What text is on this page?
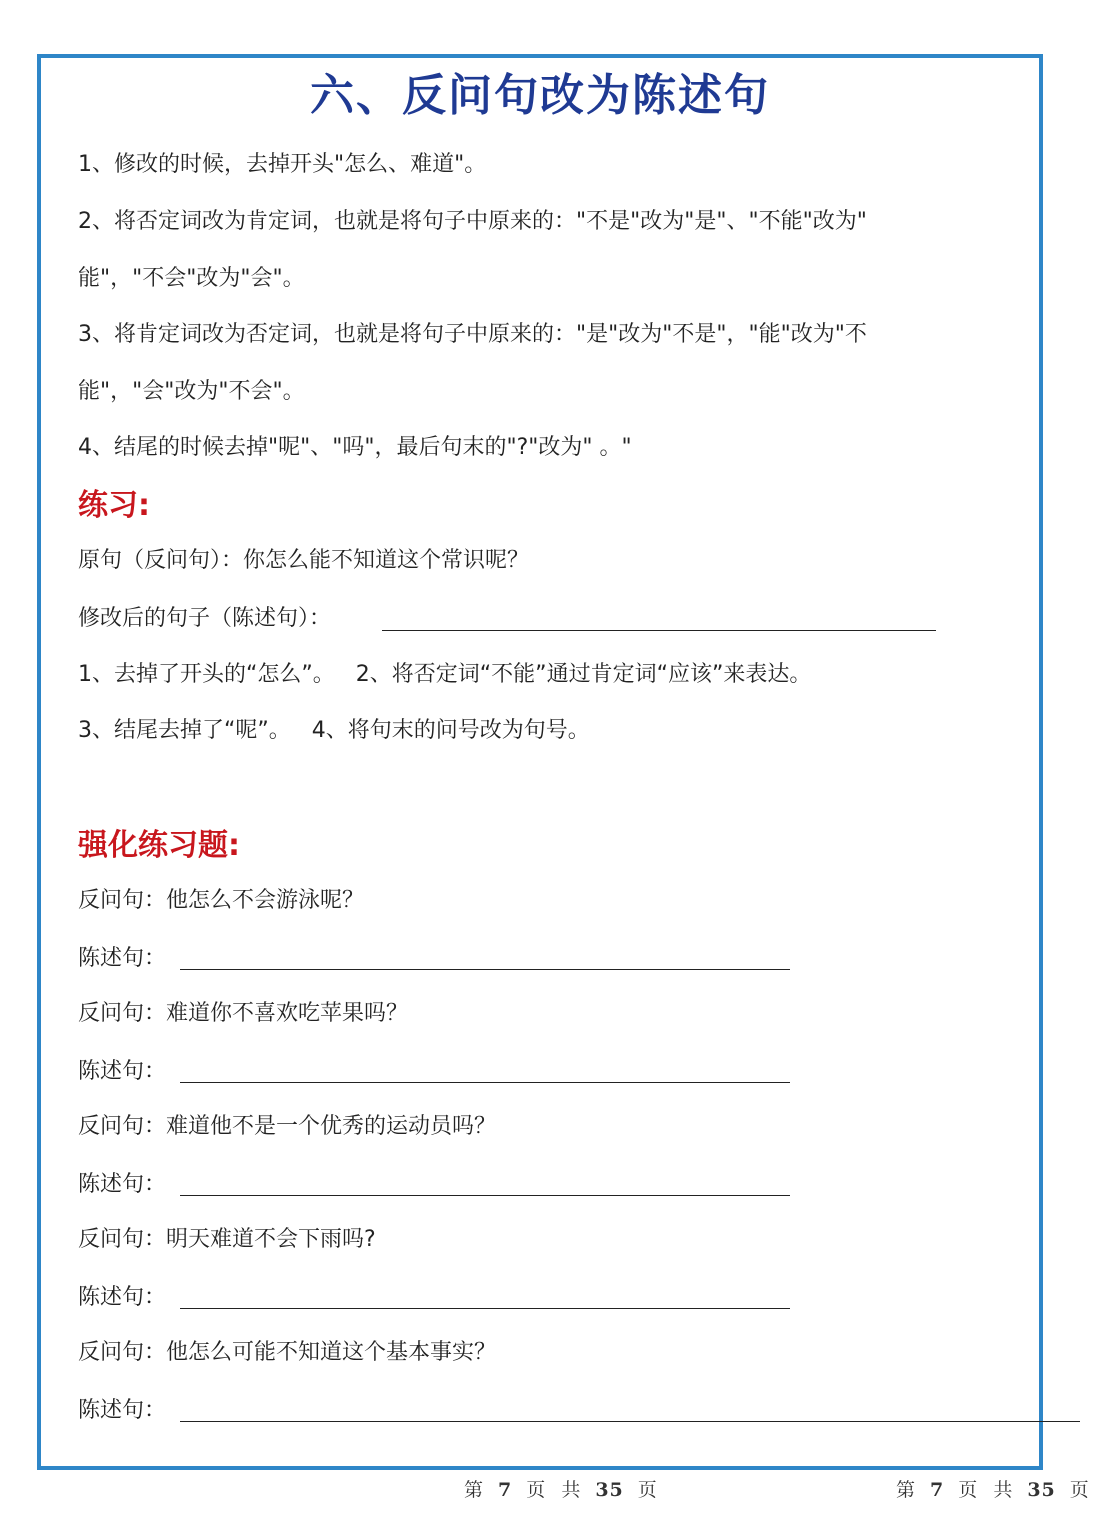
六、反问句改为陈述句
1、修改的时候，去掉开头"怎么、难道"。
2、将否定词改为肯定词，也就是将句子中原来的："不是"改为"是"、"不能"改为"
能"，"不会"改为"会"。
3、将肯定词改为否定词，也就是将句子中原来的："是"改为"不是"，"能"改为"不
能"，"会"改为"不会"。
4、结尾的时候去掉"呢"、"吗"，最后句末的"?"改为" 。"
练习:
原句（反问句）：你怎么能不知道这个常识呢？
修改后的句子（陈述句）：
1、去掉了开头的“怎么”。   2、将否定词“不能”通过肯定词“应该”来表达。
3、结尾去掉了“呢”。   4、将句末的问号改为句号。
强化练习题:
反问句：他怎么不会游泳呢？
陈述句：
反问句：难道你不喜欢吃苹果吗？
陈述句：
反问句：难道他不是一个优秀的运动员吗？
陈述句：
反问句：明天难道不会下雨吗?
陈述句：
反问句：他怎么可能不知道这个基本事实？
陈述句：
第 7 页 共 35 页	第 7 页 共 35 页
